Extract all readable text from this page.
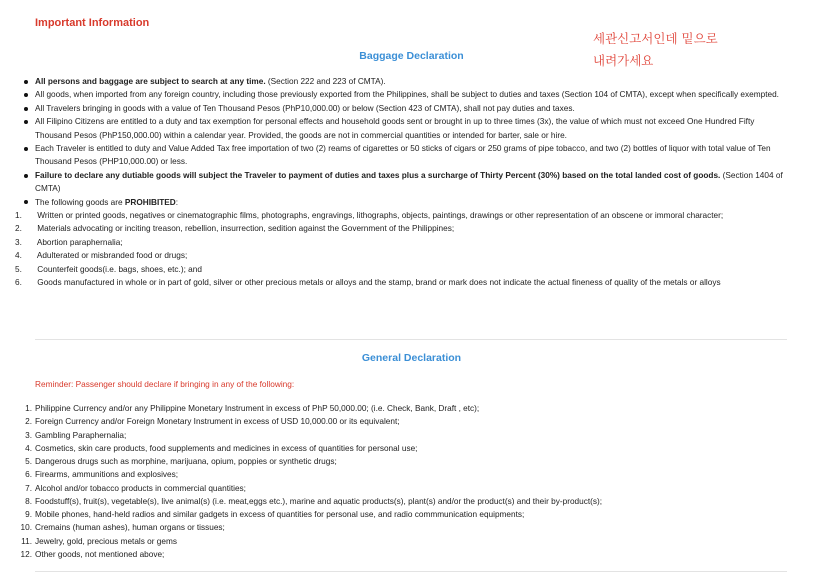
Important Information
세관신고서인데 밑으로 내려가세요
Baggage Declaration
All persons and baggage are subject to search at any time. (Section 222 and 223 of CMTA).
All goods, when imported from any foreign country, including those previously exported from the Philippines, shall be subject to duties and taxes (Section 104 of CMTA), except when specifically exempted.
All Travelers bringing in goods with a value of Ten Thousand Pesos (PhP10,000.00) or below (Section 423 of CMTA), shall not pay duties and taxes.
All Filipino Citizens are entitled to a duty and tax exemption for personal effects and household goods sent or brought in up to three times (3x), the value of which must not exceed One Hundred Fifty Thousand Pesos (PhP150,000.00) within a calendar year. Provided, the goods are not in commercial quantities or intended for barter, sale or hire.
Each Traveler is entitled to duty and Value Added Tax free importation of two (2) reams of cigarettes or 50 sticks of cigars or 250 grams of pipe tobacco, and two (2) bottles of liquor with total value of Ten Thousand Pesos (PHP10,000.00) or less.
Failure to declare any dutiable goods will subject the Traveler to payment of duties and taxes plus a surcharge of Thirty Percent (30%) based on the total landed cost of goods. (Section 1404 of CMTA)
The following goods are PROHIBITED:
1. Written or printed goods, negatives or cinematographic films, photographs, engravings, lithographs, objects, paintings, drawings or other representation of an obscene or immoral character;
2. Materials advocating or inciting treason, rebellion, insurrection, sedition against the Government of the Philippines;
3. Abortion paraphernalia;
4. Adulterated or misbranded food or drugs;
5. Counterfeit goods(i.e. bags, shoes, etc.); and
6. Goods manufactured in whole or in part of gold, silver or other precious metals or alloys and the stamp, brand or mark does not indicate the actual fineness of quality of the metals or alloys
General Declaration
Reminder: Passenger should declare if bringing in any of the following:
1. Philippine Currency and/or any Philippine Monetary Instrument in excess of PhP 50,000.00; (i.e. Check, Bank, Draft , etc);
2. Foreign Currency and/or Foreign Monetary Instrument in excess of USD 10,000.00 or its equivalent;
3. Gambling Paraphernalia;
4. Cosmetics, skin care products, food supplements and medicines in excess of quantities for personal use;
5. Dangerous drugs such as morphine, marijuana, opium, poppies or synthetic drugs;
6. Firearms, ammunitions and explosives;
7. Alcohol and/or tobacco products in commercial quantities;
8. Foodstuff(s), fruit(s), vegetable(s), live animal(s) (i.e. meat,eggs etc.), marine and aquatic products(s), plant(s) and/or the product(s) and their by-product(s);
9. Mobile phones, hand-held radios and similar gadgets in excess of quantities for personal use, and radio commmunication equipments;
10. Cremains (human ashes), human organs or tissues;
11. Jewelry, gold, precious metals or gems
12. Other goods, not mentioned above;
